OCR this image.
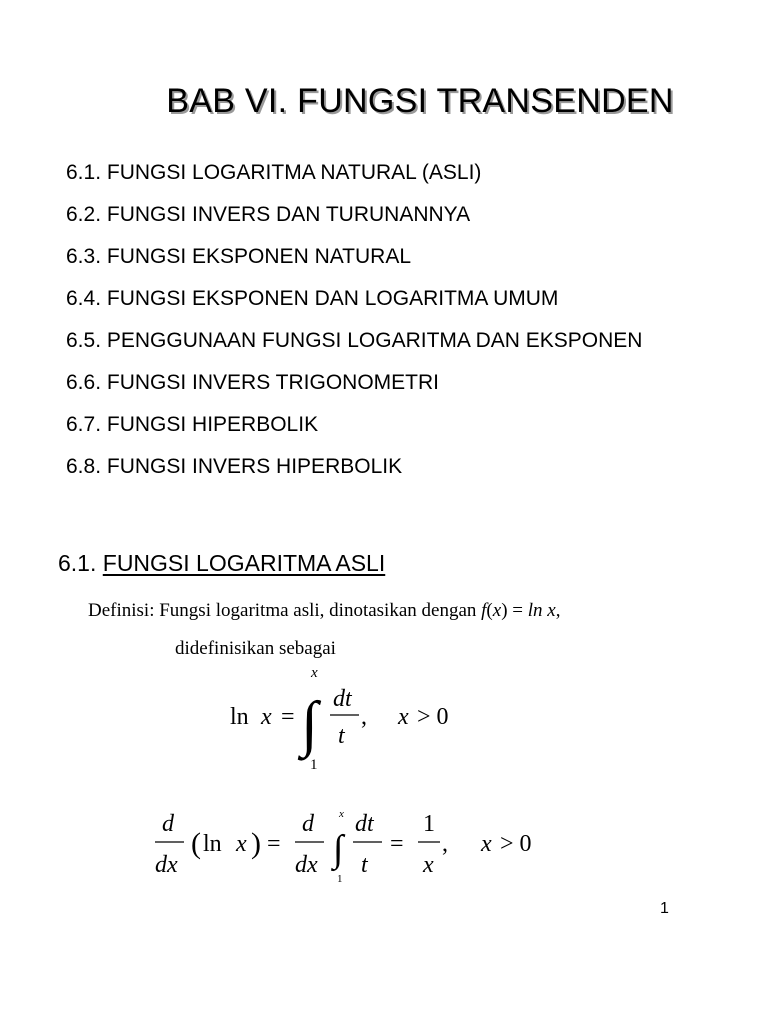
BAB VI. FUNGSI TRANSENDEN
6.1. FUNGSI LOGARITMA NATURAL (ASLI)
6.2. FUNGSI INVERS DAN TURUNANNYA
6.3. FUNGSI EKSPONEN NATURAL
6.4. FUNGSI EKSPONEN DAN LOGARITMA UMUM
6.5. PENGGUNAAN FUNGSI LOGARITMA DAN EKSPONEN
6.6. FUNGSI INVERS TRIGONOMETRI
6.7. FUNGSI HIPERBOLIK
6.8. FUNGSI INVERS HIPERBOLIK
6.1. FUNGSI LOGARITMA ASLI
Definisi: Fungsi logaritma asli, dinotasikan dengan f(x) = ln x,
didefinisikan sebagai
ln x =
x
∫
1
dt
t
, x > 0
d
dx
( ln x ) =
d
dx
x
∫
1
dt
t
=
1
x
, x > 0
1
